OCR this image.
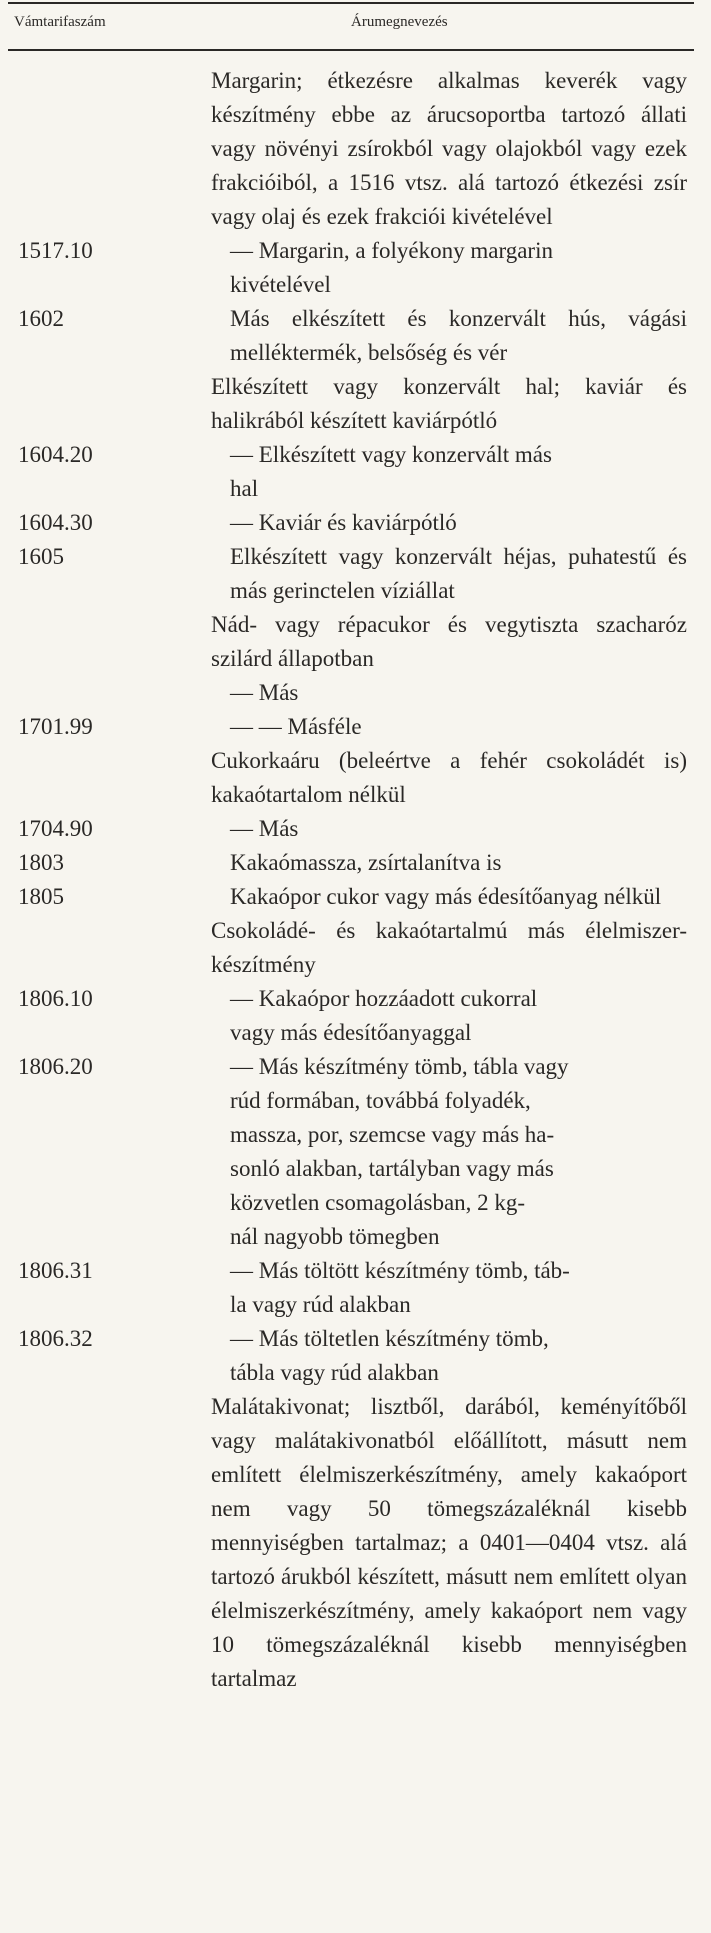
Vámtarifaszám	Árumegnevezés
Margarin; étkezésre alkalmas keverék vagy készítmény ebbe az árucsoportba tartozó állati vagy növényi zsírokból vagy olajokból vagy ezek frakcióiból, a 1516 vtsz. alá tartozó étkezési zsír vagy olaj és ezek frakciói kivételével
1517.10	— Margarin, a folyékony margarin
kivételével
1602	Más elkészített és konzervált hús, vágási melléktermék, belsőség és vér
Elkészített vagy konzervált hal; kaviár és halikrából készített kaviárpótló
1604.20	— Elkészített vagy konzervált más
hal
1604.30	— Kaviár és kaviárpótló
1605	Elkészített vagy konzervált héjas, puhatestű és más gerinctelen víziállat
Nád- vagy répacukor és vegytiszta szacharóz szilárd állapotban
— Más
1701.99	— — Másféle
Cukorkaáru (beleértve a fehér csokoládét is) kakaótartalom nélkül
1704.90	— Más
1803	Kakaómassza, zsírtalanítva is
1805	Kakaópor cukor vagy más édesítőanyag nélkül
Csokoládé- és kakaótartalmú más élelmiszer-készítmény
1806.10	— Kakaópor hozzáadott cukorral
vagy más édesítőanyaggal
1806.20	— Más készítmény tömb, tábla vagy
rúd formában, továbbá folyadék,
massza, por, szemcse vagy más ha-
sonló alakban, tartályban vagy más
közvetlen csomagolásban, 2 kg-
nál nagyobb tömegben
1806.31	— Más töltött készítmény tömb, táb-
la vagy rúd alakban
1806.32	— Más töltetlen készítmény tömb,
tábla vagy rúd alakban
Malátakivonat; lisztből, darából, keményítőből vagy malátakivonatból előállított, másutt nem említett élelmiszerkészítmény, amely kakaóport nem vagy 50 tömegszázaléknál kisebb mennyiségben tartalmaz; a 0401—0404 vtsz. alá tartozó árukból készített, másutt nem említett olyan élelmiszerkészítmény, amely kakaóport nem vagy 10 tömegszázaléknál kisebb mennyiségben tartalmaz
